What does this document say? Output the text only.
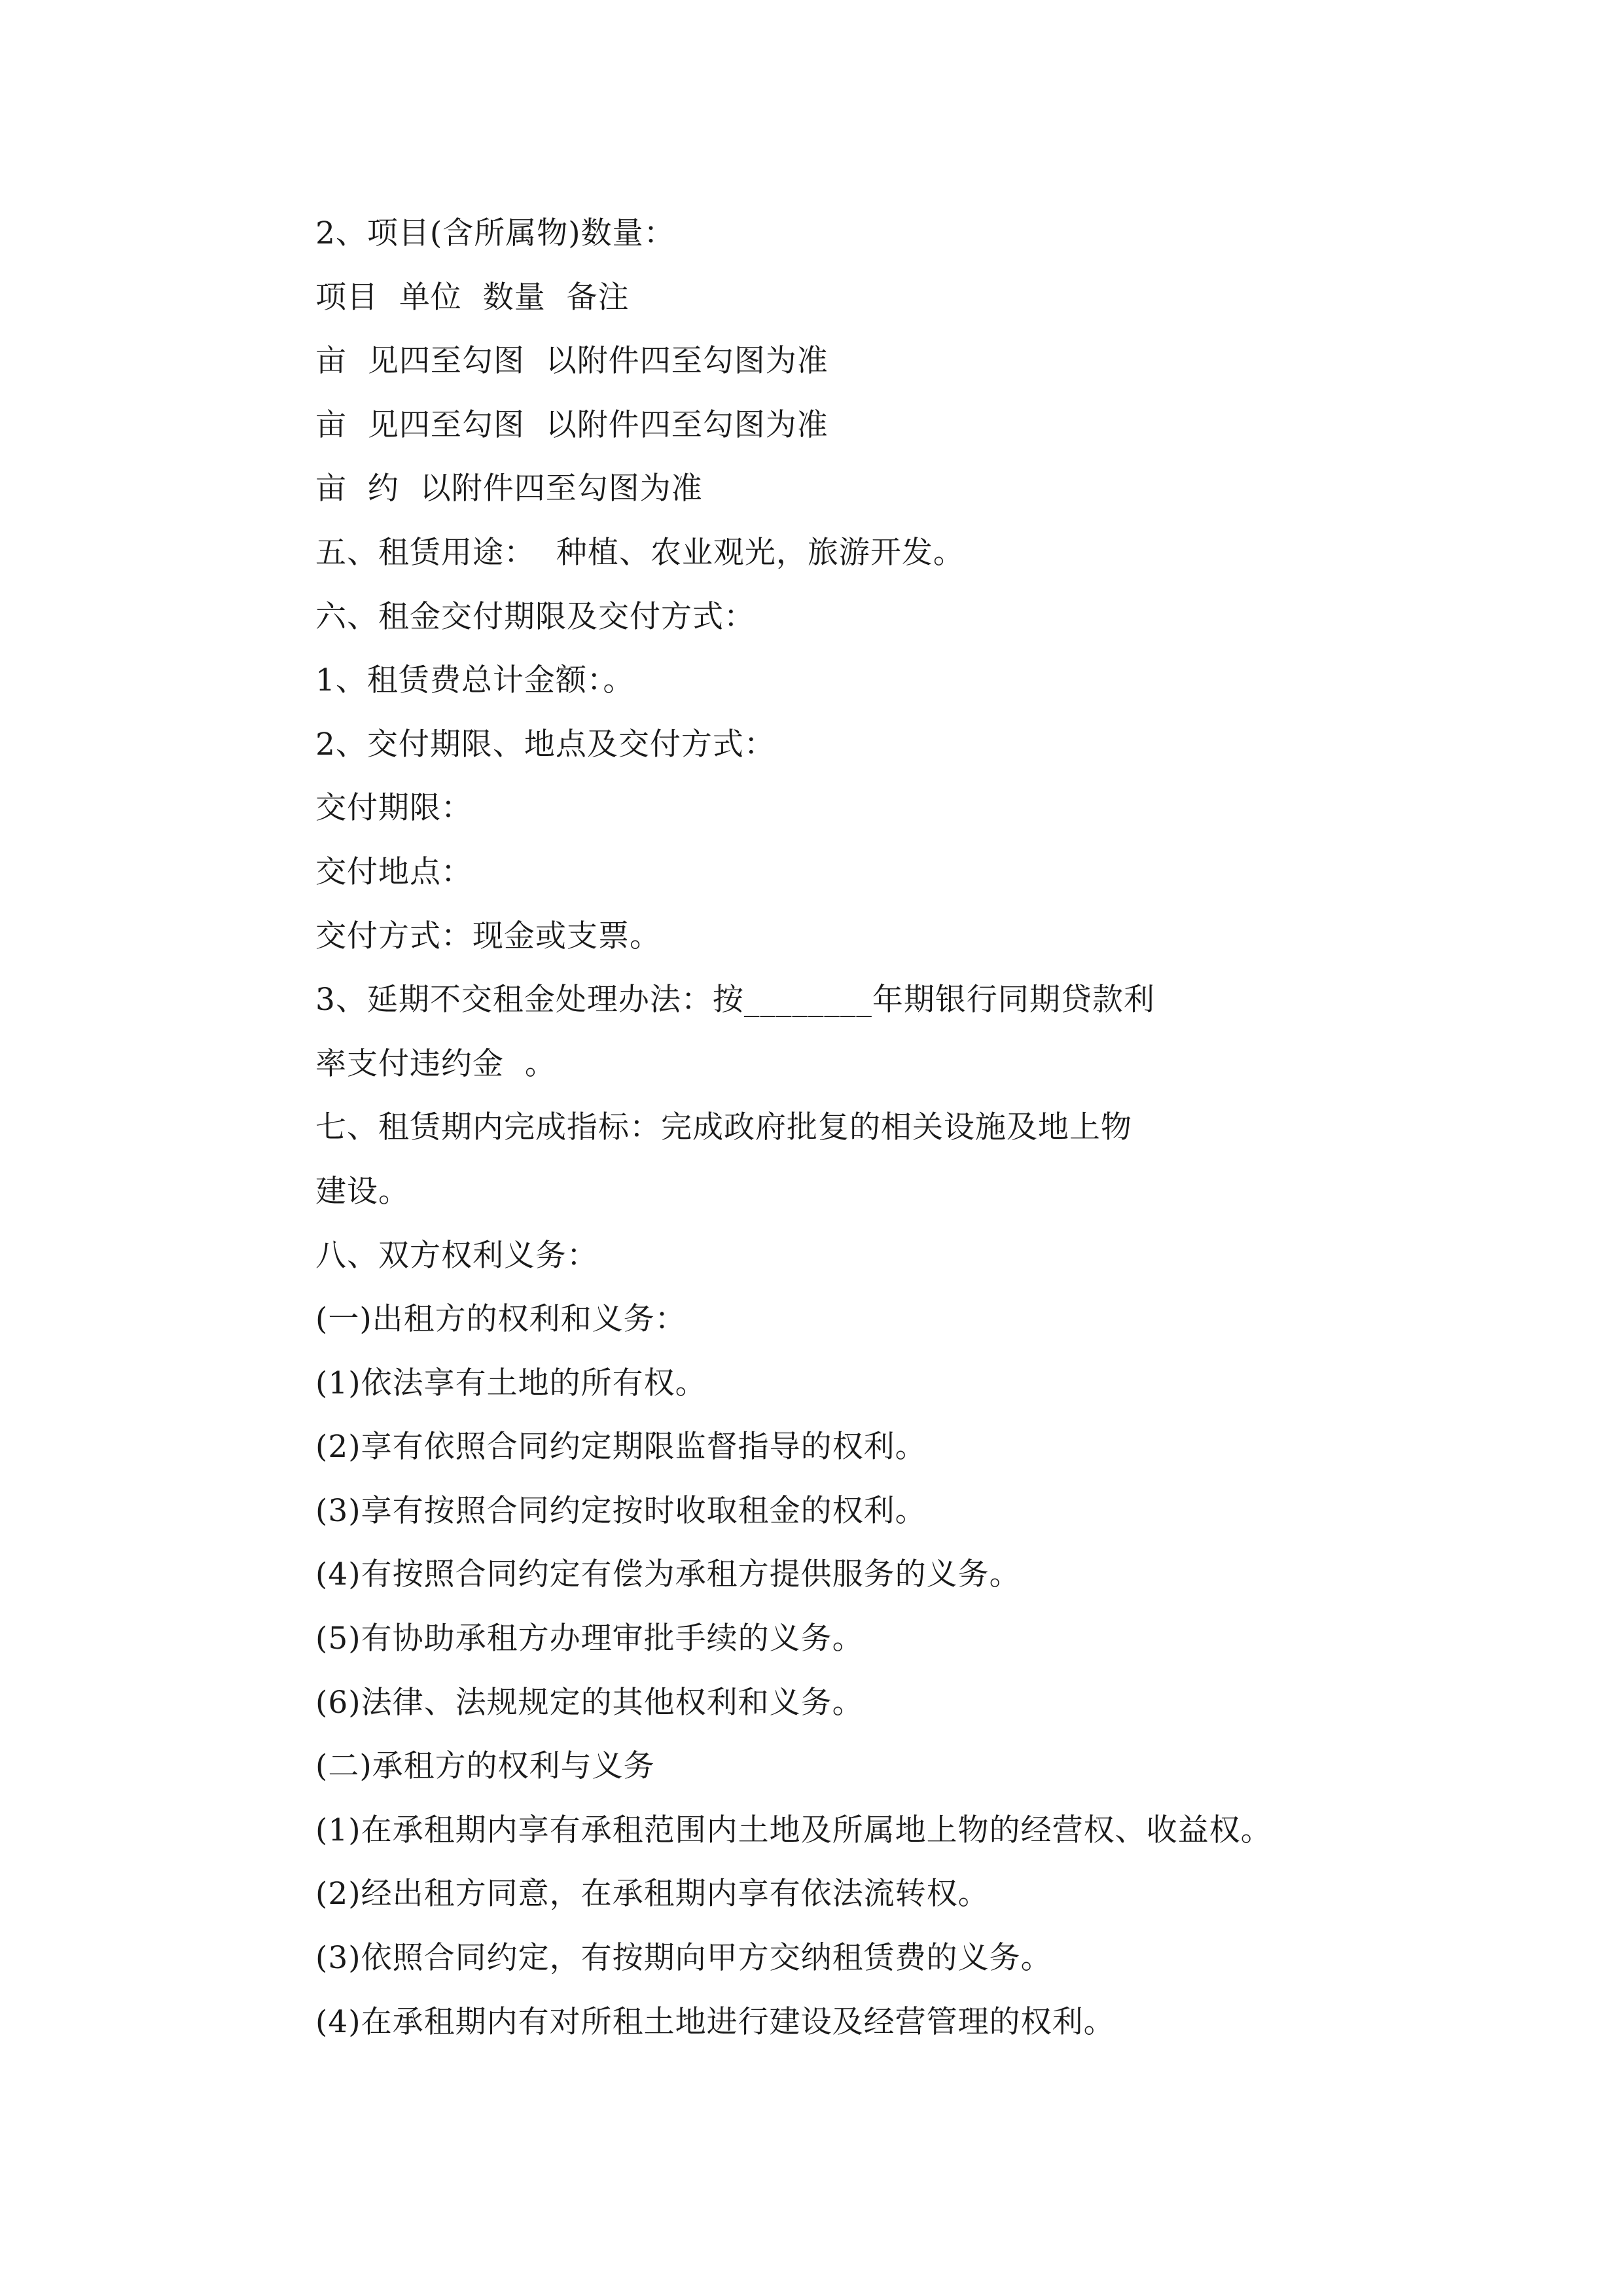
2、项目(含所属物)数量：
项目  单位  数量  备注
亩  见四至勾图  以附件四至勾图为准
亩  见四至勾图  以附件四至勾图为准
亩  约  以附件四至勾图为准
五、租赁用途：  种植、农业观光，旅游开发。
六、租金交付期限及交付方式：
1、租赁费总计金额：。
2、交付期限、地点及交付方式：
交付期限：
交付地点：
交付方式：现金或支票。
3、延期不交租金处理办法：按________年期银行同期贷款利
率支付违约金  。
七、租赁期内完成指标：完成政府批复的相关设施及地上物
建设。
八、双方权利义务：
(一)出租方的权利和义务：
(1)依法享有土地的所有权。
(2)享有依照合同约定期限监督指导的权利。
(3)享有按照合同约定按时收取租金的权利。
(4)有按照合同约定有偿为承租方提供服务的义务。
(5)有协助承租方办理审批手续的义务。
(6)法律、法规规定的其他权利和义务。
(二)承租方的权利与义务
(1)在承租期内享有承租范围内土地及所属地上物的经营权、收益权。
(2)经出租方同意，在承租期内享有依法流转权。
(3)依照合同约定，有按期向甲方交纳租赁费的义务。
(4)在承租期内有对所租土地进行建设及经营管理的权利。
